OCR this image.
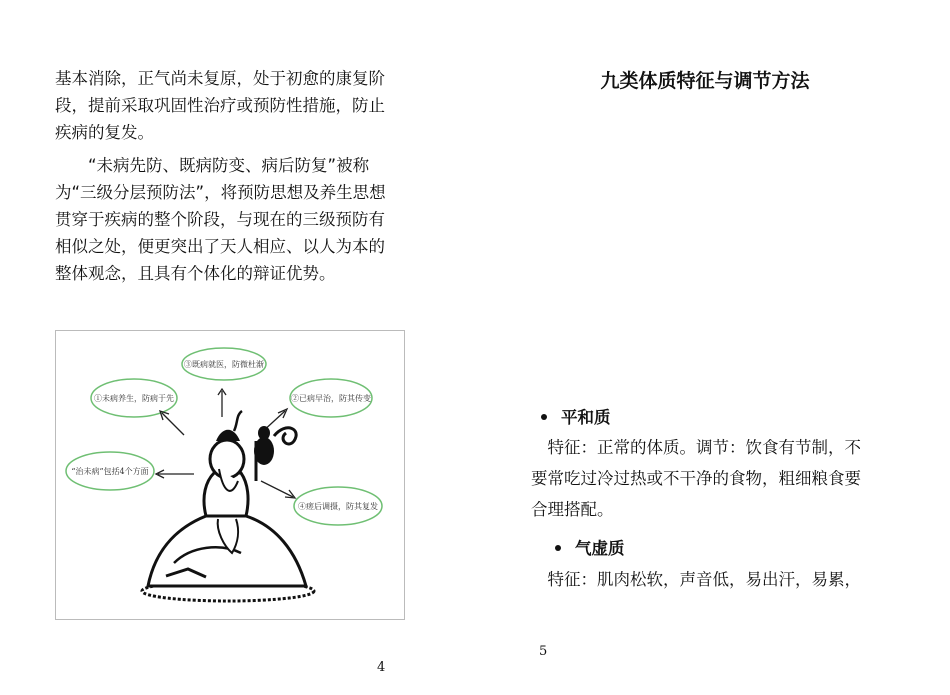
基本消除，正气尚未复原，处于初愈的康复阶
段，提前采取巩固性治疗或预防性措施，防止
疾病的复发。

　　“未病先防、既病防变、病后防复”被称
为“三级分层预防法”，将预防思想及养生思想
贯穿于疾病的整个阶段，与现在的三级预防有
相似之处，便更突出了天人相应、以人为本的
整体观念，且具有个体化的辩证优势。

③既病就医，防微杜渐
①未病养生，防病于先	②已病早治，防其传变
“治未病”包括4个方面
④瘥后调摄，防其复发
4
九类体质特征与调节方法
平和质

　特征：正常的体质。调节：饮食有节制，不
要常吃过冷过热或不干净的食物，粗细粮食要
合理搭配。

气虚质

　特征：肌肉松软，声音低，易出汗，易累，

5
